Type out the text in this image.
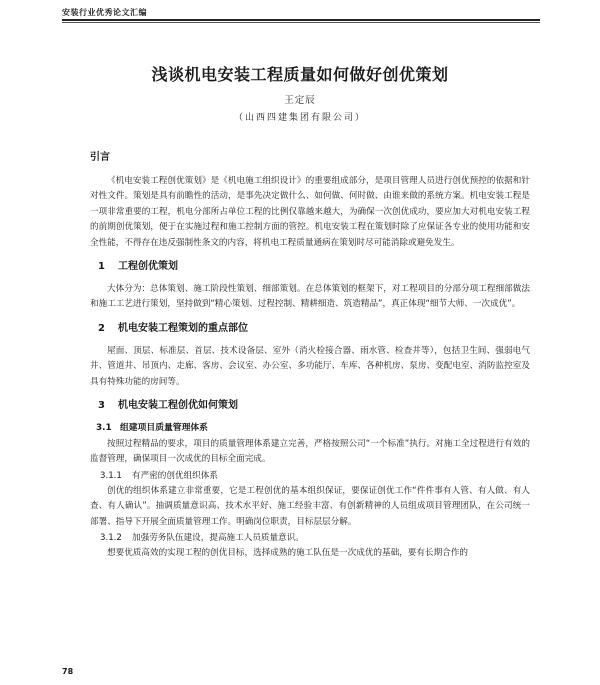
安装行业优秀论文汇编
浅谈机电安装工程质量如何做好创优策划
王定辰
（山西四建集团有限公司）
引言

《机电安装工程创优策划》是《机电施工组织设计》的重要组成部分，是项目管理人员进行创优预控的依据和针对性文件。策划是具有前瞻性的活动，是事先决定做什么、如何做、何时做、由谁来做的系统方案。机电安装工程是一项非常重要的工程，机电分部所占单位工程的比例仅靠越来越大，为确保一次创优成功，要应加大对机电安装工程的前期创优策划，便于在实施过程和施工控制方面的管控。机电安装工程在策划时除了应保证各专业的使用功能和安全性能，不得存在违反强制性条文的内容，将机电工程质量通病在策划时尽可能消除或避免发生。

1 工程创优策划

大体分为：总体策划、施工阶段性策划、细部策划。在总体策划的框架下，对工程项目的分部分项工程细部做法和施工工艺进行策划，坚持做到“精心策划、过程控制、精耕细造、筑造精品”，真正体现“细节大师、一次成优”。

2 机电安装工程策划的重点部位

屋面、顶层、标准层、首层、技术设备层、室外（消火栓接合器、雨水管、检查井等），包括卫生间、强弱电气井、管道井、吊顶内、走廊、客房、会议室、办公室、多功能厅、车库、各种机房、泵房、变配电室、消防监控室及具有特殊功能的房间等。

3 机电安装工程创优如何策划
3.1 组建项目质量管理体系

按照过程精品的要求，项目的质量管理体系建立完善，严格按照公司“一个标准”执行。对施工全过程进行有效的监督管理，确保项目一次成优的目标全面完成。

3.1.1 有严密的创优组织体系

创优的组织体系建立非常重要，它是工程创优的基本组织保证，要保证创优工作“件件事有人管、有人做、有人查、有人确认”。抽调质量意识高、技术水平好、施工经验丰富、有创新精神的人员组成项目管理团队，在公司统一部署、指导下开展全面质量管理工作。明确岗位职责，目标层层分解。

3.1.2 加强劳务队伍建设，提高施工人员质量意识。

想要优质高效的实现工程的创优目标，选择成熟的施工队伍是一次成优的基础，要有长期合作的

78
